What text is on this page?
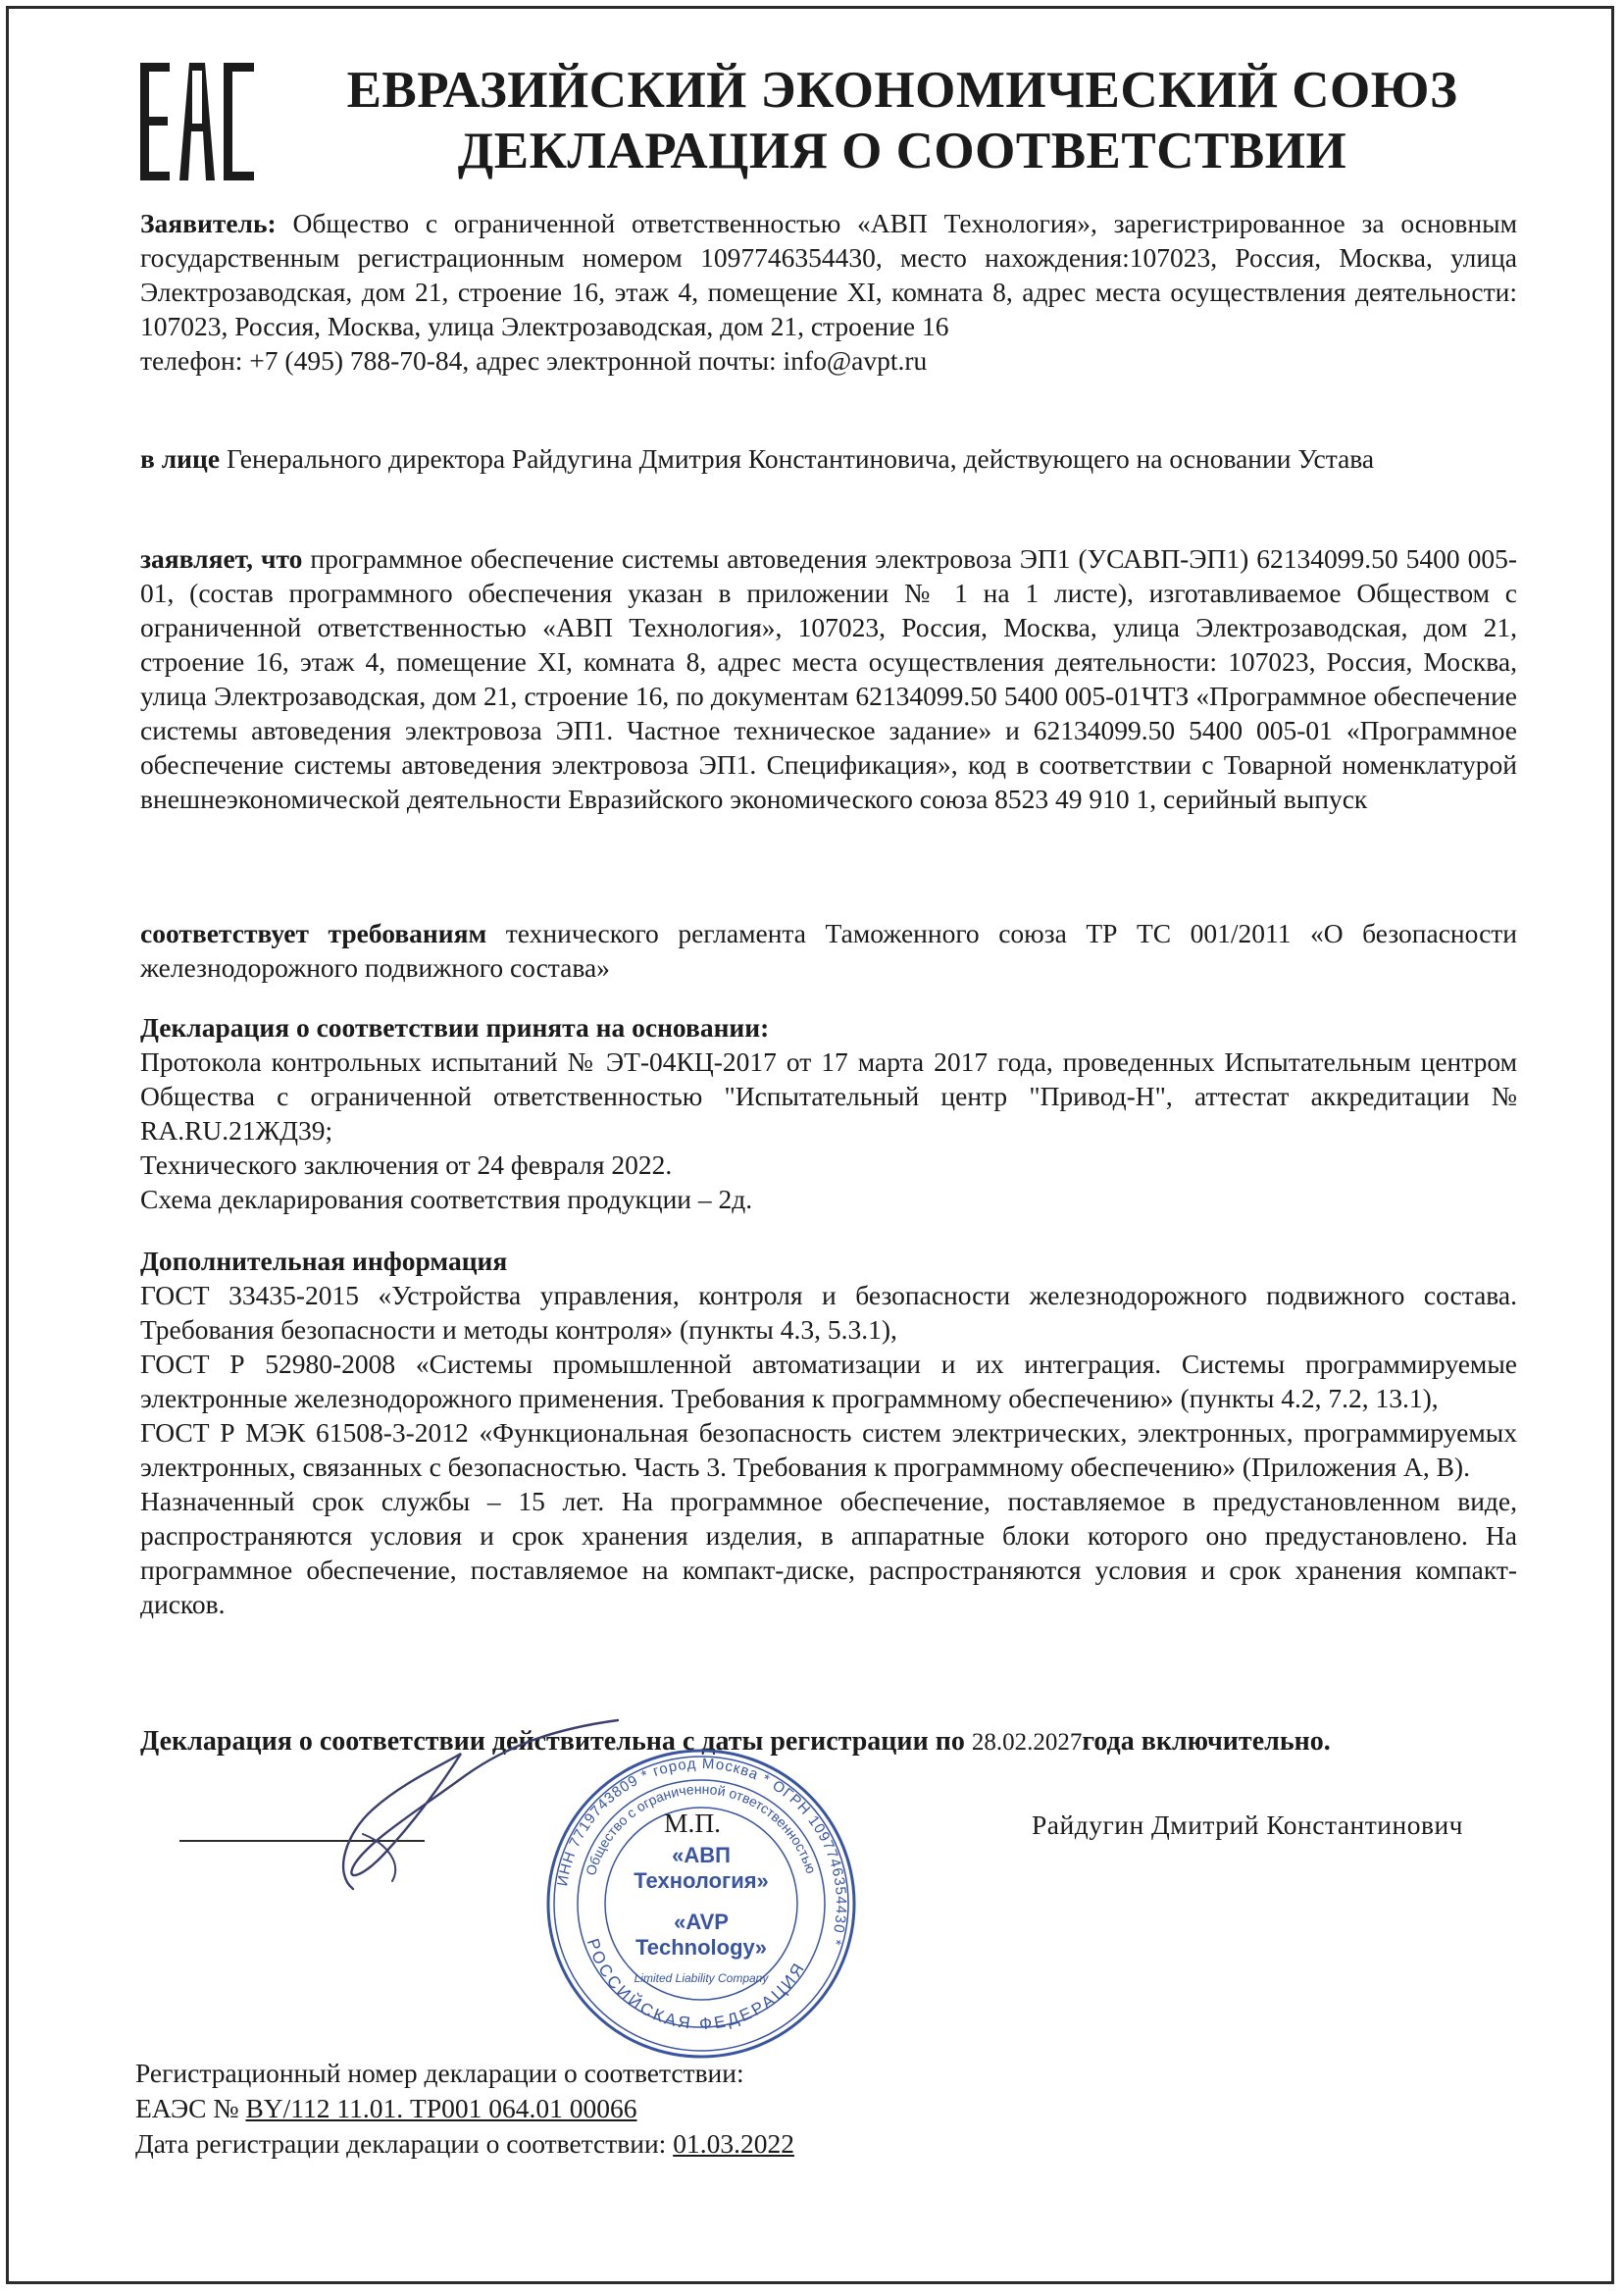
ЕВРАЗИЙСКИЙ ЭКОНОМИЧЕСКИЙ СОЮЗ
ДЕКЛАРАЦИЯ О СООТВЕТСТВИИ

Заявитель: Общество с ограниченной ответственностью «АВП Технология», зарегистрированное за основным государственным регистрационным номером 1097746354430, место нахождения:107023, Россия, Москва, улица Электрозаводская, дом 21, строение 16, этаж 4, помещение XI, комната 8, адрес места осуществления деятельности: 107023, Россия, Москва, улица Электрозаводская, дом 21, строение 16

телефон: +7 (495) 788-70-84, адрес электронной почты: info@avpt.ru

в лице Генерального директора Райдугина Дмитрия Константиновича, действующего на основании Устава

заявляет, что программное обеспечение системы автоведения электровоза ЭП1 (УСАВП-ЭП1) 62134099.50 5400 005-01, (состав программного обеспечения указан в приложении № 1 на 1 листе), изготавливаемое Обществом с ограниченной ответственностью «АВП Технология», 107023, Россия, Москва, улица Электрозаводская, дом 21, строение 16, этаж 4, помещение XI, комната 8, адрес места осуществления деятельности: 107023, Россия, Москва, улица Электрозаводская, дом 21, строение 16, по документам 62134099.50 5400 005-01ЧТЗ «Программное обеспечение системы автоведения электровоза ЭП1. Частное техническое задание» и 62134099.50 5400 005-01 «Программное обеспечение системы автоведения электровоза ЭП1. Спецификация», код в соответствии с Товарной номенклатурой внешнеэкономической деятельности Евразийского экономического союза 8523 49 910 1, серийный выпуск

соответствует требованиям технического регламента Таможенного союза ТР ТС 001/2011 «О безопасности железнодорожного подвижного состава»

Декларация о соответствии принята на основании:

Протокола контрольных испытаний № ЭТ-04КЦ-2017 от 17 марта 2017 года, проведенных Испытательным центром Общества с ограниченной ответственностью "Испытательный центр "Привод-Н", аттестат аккредитации № RA.RU.21ЖД39;

Технического заключения от 24 февраля 2022.

Схема декларирования соответствия продукции – 2д.

Дополнительная информация

ГОСТ 33435-2015 «Устройства управления, контроля и безопасности железнодорожного подвижного состава. Требования безопасности и методы контроля» (пункты 4.3, 5.3.1),

ГОСТ Р 52980-2008 «Системы промышленной автоматизации и их интеграция. Системы программируемые электронные железнодорожного применения. Требования к программному обеспечению» (пункты 4.2, 7.2, 13.1),

ГОСТ Р МЭК 61508-3-2012 «Функциональная безопасность систем электрических, электронных, программируемых электронных, связанных с безопасностью. Часть 3. Требования к программному обеспечению» (Приложения А, В).

Назначенный срок службы – 15 лет. На программное обеспечение, поставляемое в предустановленном виде, распространяются условия и срок хранения изделия, в аппаратные блоки которого оно предустановлено. На программное обеспечение, поставляемое на компакт-диске, распространяются условия и срок хранения компакт-дисков.

Декларация о соответствии действительна с даты регистрации по 28.02.2027года включительно.
ИНН 7719743809 * город Москва * ОГРН 1097746354430 *
Общество с ограниченной ответственностью
«АВП
Технология»
«AVP
Technology»
Limited Liability Company
РОССИЙСКАЯ ФЕДЕРАЦИЯ
М.П.	Райдугин Дмитрий Константинович
Регистрационный номер декларации о соответствии:
ЕАЭС № BY/112 11.01. ТР001 064.01 00066
Дата регистрации декларации о соответствии: 01.03.2022
